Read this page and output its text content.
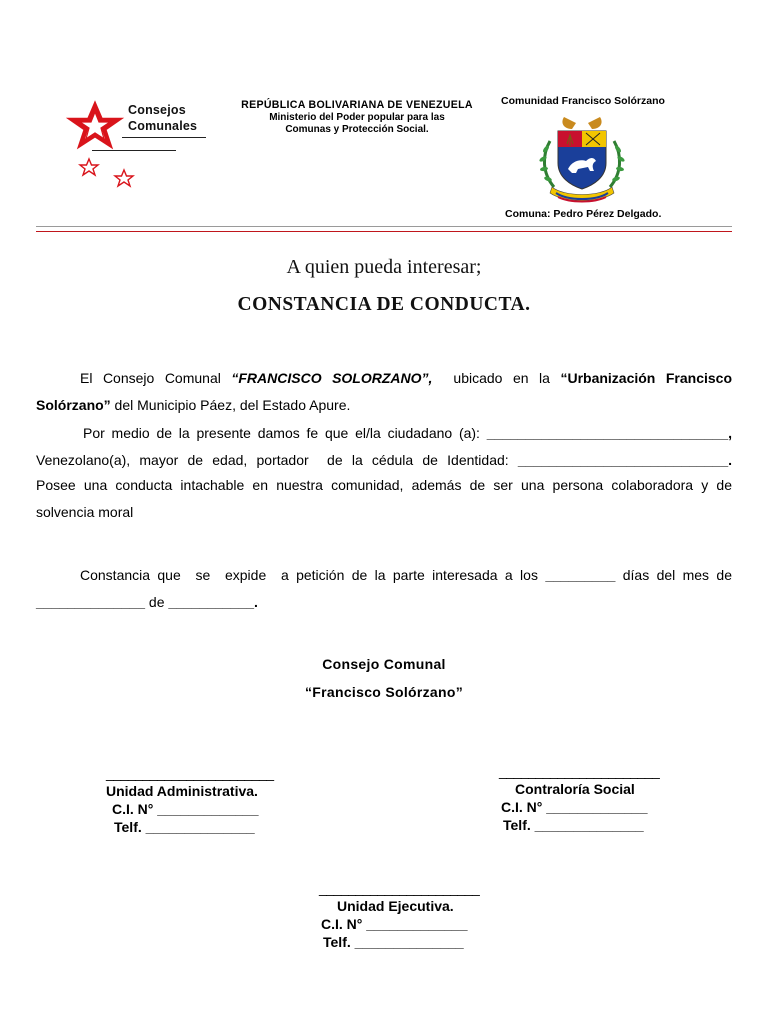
Consejos
Comunales
REPÚBLICA BOLIVARIANA DE VENEZUELA
Ministerio del Poder popular para las
Comunas y Protección Social.
Comunidad Francisco Solórzano
Comuna: Pedro Pérez Delgado.
A quien pueda interesar;
CONSTANCIA DE CONDUCTA.
El Consejo Comunal “FRANCISCO SOLORZANO”,  ubicado en la “Urbanización Francisco Solórzano” del Municipio Páez, del Estado Apure.
Por medio de la presente damos fe que el/la ciudadano (a): _______________________________,
Venezolano(a), mayor de edad, portador  de la cédula de Identidad: ___________________________.
Posee una conducta intachable en nuestra comunidad, además de ser una persona colaboradora y de solvencia moral
Constancia que  se  expide  a petición de la parte interesada a los _________ días del mes de
______________ de ___________.
Consejo Comunal
“Francisco Solórzano”
_______________________
Unidad Administrativa.
C.I. N° _____________
Telf. ______________
______________________
Contraloría Social
C.I. N° _____________
Telf. ______________
______________________
Unidad Ejecutiva.
C.I. N° _____________
Telf. ______________
